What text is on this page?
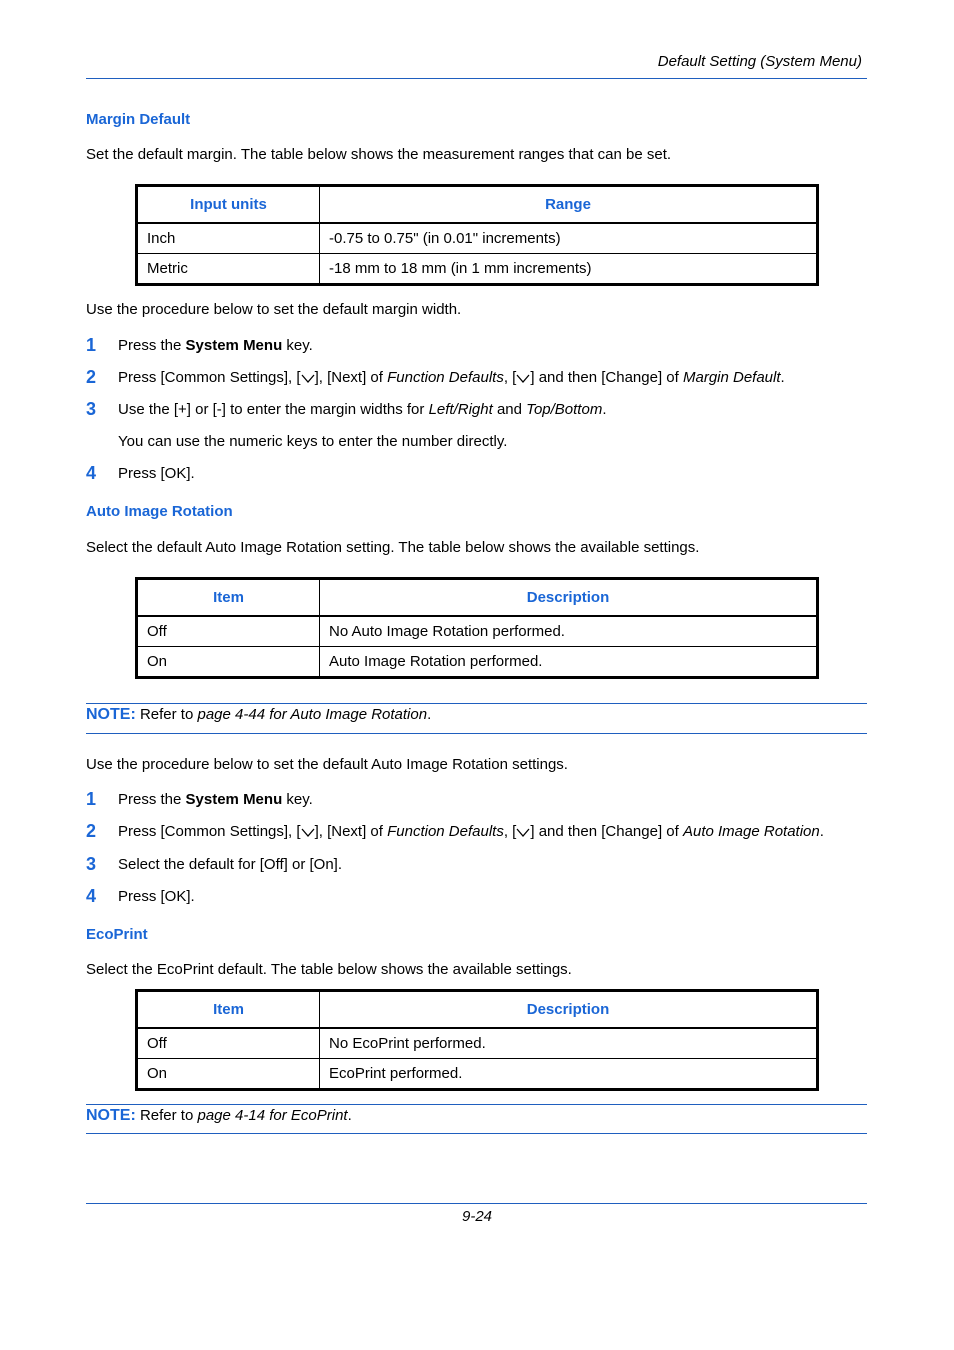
Default Setting (System Menu)
Margin Default
Set the default margin. The table below shows the measurement ranges that can be set.
Input units	Range
Inch	-0.75 to 0.75" (in 0.01" increments)
Metric	-18 mm to 18 mm (in 1 mm increments)
Use the procedure below to set the default margin width.
1	Press the System Menu key.
2	Press [Common Settings], [ ], [Next] of Function Defaults, [ ] and then [Change] of Margin Default.
3	Use the [+] or [-] to enter the margin widths for Left/Right and Top/Bottom.
You can use the numeric keys to enter the number directly.
4	Press [OK].
Auto Image Rotation
Select the default Auto Image Rotation setting. The table below shows the available settings.
Item	Description
Off	No Auto Image Rotation performed.
On	Auto Image Rotation performed.
NOTE: Refer to page 4-44 for Auto Image Rotation.
Use the procedure below to set the default Auto Image Rotation settings.
1	Press the System Menu key.
2	Press [Common Settings], [ ], [Next] of Function Defaults, [ ] and then [Change] of Auto Image Rotation.
3	Select the default for [Off] or [On].
4	Press [OK].
EcoPrint
Select the EcoPrint default. The table below shows the available settings.
Item	Description
Off	No EcoPrint performed.
On	EcoPrint performed.
NOTE: Refer to page 4-14 for EcoPrint.
9-24
